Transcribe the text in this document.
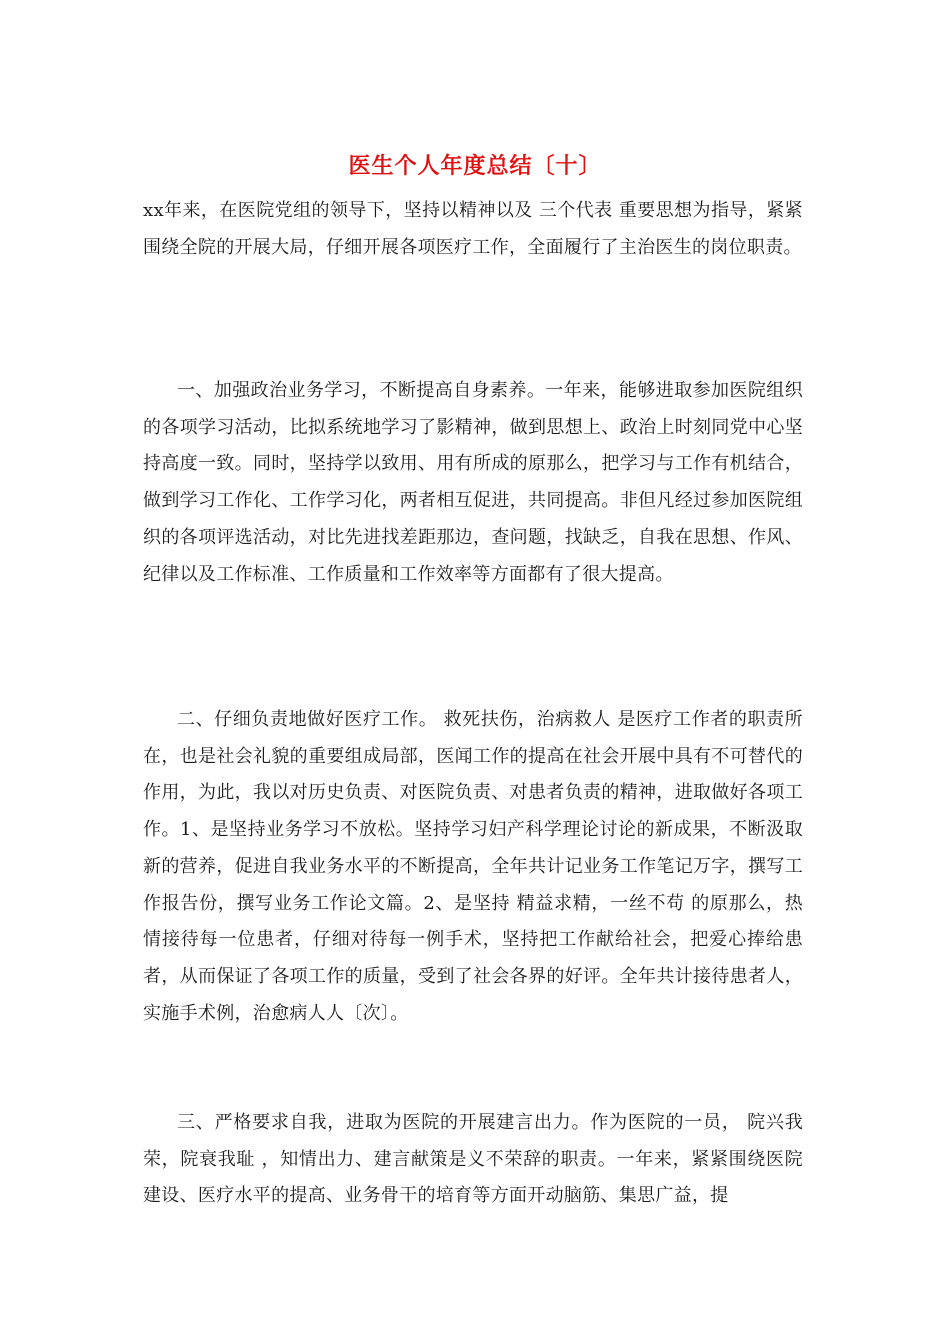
医生个人年度总结〔十〕
xx年来，在医院党组的领导下，坚持以精神以及 三个代表 重要思想为指导，紧紧围绕全院的开展大局，仔细开展各项医疗工作，全面履行了主治医生的岗位职责。
一、加强政治业务学习，不断提高自身素养。一年来，能够进取参加医院组织的各项学习活动，比拟系统地学习了影精神，做到思想上、政治上时刻同党中心坚持高度一致。同时，坚持学以致用、用有所成的原那么，把学习与工作有机结合，做到学习工作化、工作学习化，两者相互促进，共同提高。非但凡经过参加医院组织的各项评选活动，对比先进找差距那边，查问题，找缺乏，自我在思想、作风、纪律以及工作标准、工作质量和工作效率等方面都有了很大提高。
二、仔细负责地做好医疗工作。 救死扶伤，治病救人 是医疗工作者的职责所在，也是社会礼貌的重要组成局部，医闻工作的提高在社会开展中具有不可替代的作用，为此，我以对历史负责、对医院负责、对患者负责的精神，进取做好各项工作。1、是坚持业务学习不放松。坚持学习妇产科学理论讨论的新成果，不断汲取新的营养，促进自我业务水平的不断提高，全年共计记业务工作笔记万字，撰写工作报告份，撰写业务工作论文篇。2、是坚持 精益求精，一丝不苟 的原那么，热情接待每一位患者，仔细对待每一例手术，坚持把工作献给社会，把爱心捧给患者，从而保证了各项工作的质量，受到了社会各界的好评。全年共计接待患者人，实施手术例，治愈病人人〔次〕。
三、严格要求自我，进取为医院的开展建言出力。作为医院的一员， 院兴我荣，院衰我耻 ，知情出力、建言献策是义不荣辞的职责。一年来，紧紧围绕医院建设、医疗水平的提高、业务骨干的培育等方面开动脑筋、集思广益，提
